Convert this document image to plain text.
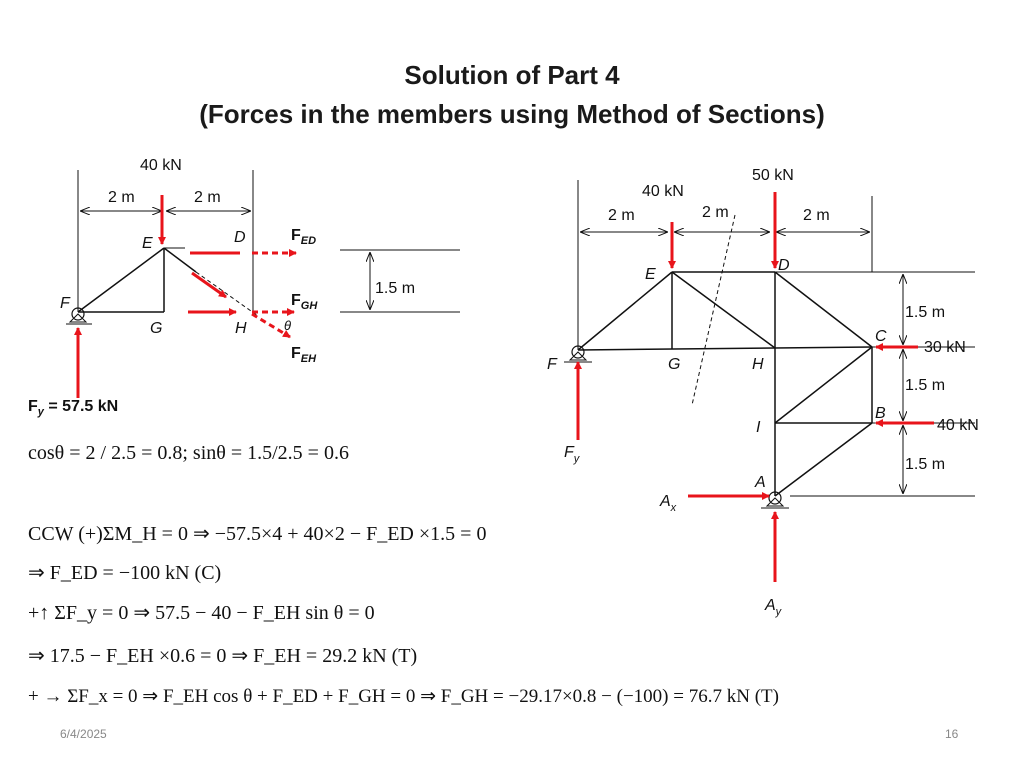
Solution of Part 4
(Forces in the members using Method of Sections)
40 kN
2 m	2 m
1.5 m
E	D
F
G	H	θ
$F_{ED}$
$F_{GH}$
$F_{EH}$
$F_y = 57.5$ kN
50 kN
40 kN
2 m	2 m	2 m
1.5 m
1.5 m
1.5 m
30 kN
40 kN
E
D
F	G	H
C
I
B
A
$F_y$
$A_x$
$A_y$
cosθ = 2 / 2.5 = 0.8; sinθ = 1.5/2.5 = 0.6
CCW (+)ΣM_H = 0 ⇒ −57.5×4 + 40×2 − F_ED ×1.5 = 0
⇒ F_ED = −100 kN (C)
+↑ ΣF_y = 0 ⇒ 57.5 − 40 − F_EH sin θ = 0
⇒ 17.5 − F_EH ×0.6 = 0 ⇒ F_EH = 29.2 kN (T)
+ → ΣF_x = 0 ⇒ F_EH cos θ + F_ED + F_GH = 0 ⇒ F_GH = −29.17×0.8 − (−100) = 76.7 kN (T)
6/4/2025	16
